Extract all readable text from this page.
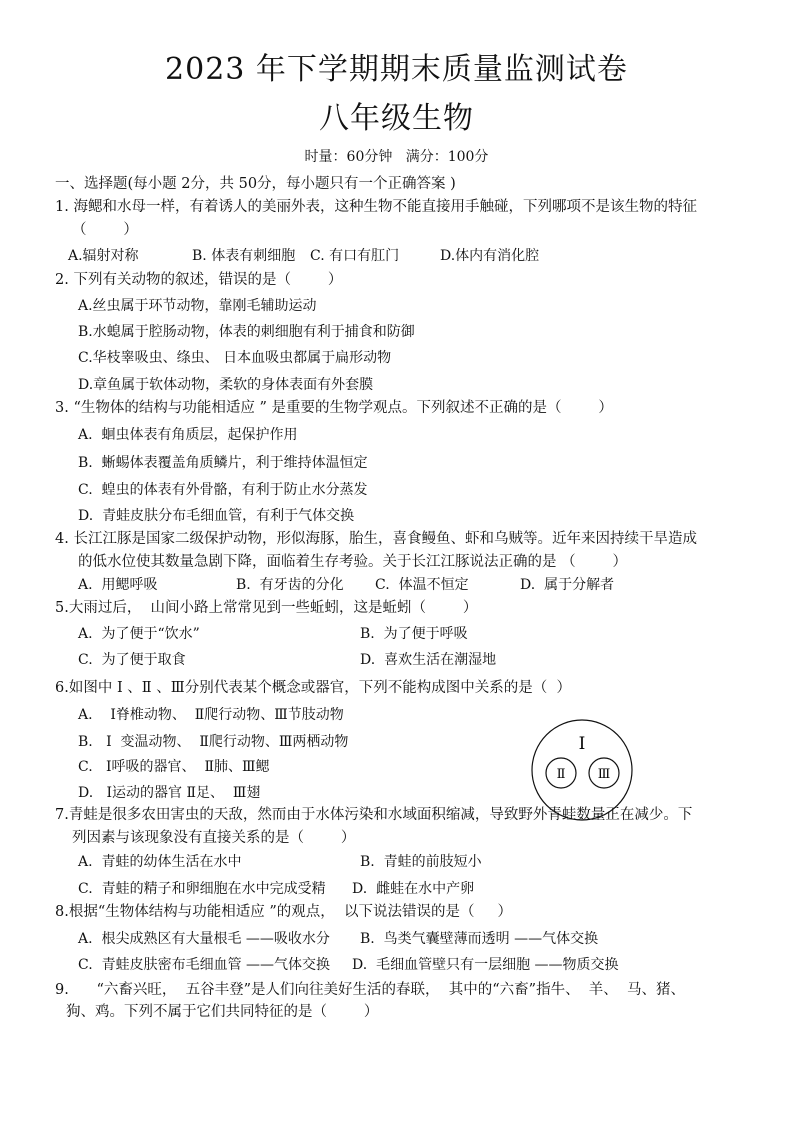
2023 年下学期期末质量监测试卷
八年级生物
时量：60分钟   满分：100分
一、选择题(每小题 2分，共 50分，每小题只有一个正确答案 )
1. 海鳃和水母一样，有着诱人的美丽外表，这种生物不能直接用手触碰，下列哪项不是该生物的特征
（        ）
A.辐射对称	B. 体表有刺细胞 C. 有口有肛门	D.体内有消化腔
2. 下列有关动物的叙述，错误的是（        ）
A.丝虫属于环节动物，靠刚毛辅助运动
B.水螅属于腔肠动物，体表的刺细胞有利于捕食和防御
C.华枝睾吸虫、绦虫、 日本血吸虫都属于扁形动物
D.章鱼属于软体动物，柔软的身体表面有外套膜
3. “生物体的结构与功能相适应 ” 是重要的生物学观点。下列叙述不正确的是（        ）
A.  蛔虫体表有角质层，起保护作用
B.  蜥蜴体表覆盖角质鳞片，利于维持体温恒定
C.  蝗虫的体表有外骨骼，有利于防止水分蒸发
D.  青蛙皮肤分布毛细血管，有利于气体交换
4. 长江江豚是国家二级保护动物，形似海豚，胎生，喜食鳗鱼、虾和乌贼等。近年来因持续干旱造成
的低水位使其数量急剧下降，面临着生存考验。关于长江江豚说法正确的是 （        ）
A.  用鳃呼吸	B.  有牙齿的分化 C.  体温不恒定	D.  属于分解者
5.大雨过后，  山间小路上常常见到一些蚯蚓，这是蚯蚓（        ）
A.  为了便于“饮水”	B.  为了便于呼吸
C.  为了便于取食	D.  喜欢生活在潮湿地
6.如图中 Ⅰ 、Ⅱ 、Ⅲ分别代表某个概念或器官，下列不能构成图中关系的是（  ）
A.    Ⅰ脊椎动物、  Ⅱ爬行动物、Ⅲ节肢动物
B.   Ⅰ  变温动物、  Ⅱ爬行动物、Ⅲ两栖动物
C.   Ⅰ呼吸的器官、  Ⅱ肺、Ⅲ鳃
D.   Ⅰ运动的器官 Ⅱ足、  Ⅲ翅
Ⅰ
Ⅱ Ⅲ
7.青蛙是很多农田害虫的天敌，然而由于水体污染和水域面积缩减，导致野外青蛙数量正在减少。下
列因素与该现象没有直接关系的是（        ）
A.  青蛙的幼体生活在水中	B.  青蛙的前肢短小
C.  青蛙的精子和卵细胞在水中完成受精 D.  雌蛙在水中产卵
8.根据“生物体结构与功能相适应 ”的观点，  以下说法错误的是（     ）
A.  根尖成熟区有大量根毛 ——吸收水分 B.  鸟类气囊壁薄而透明 ——气体交换
C.  青蛙皮肤密布毛细血管 ——气体交换 D.  毛细血管壁只有一层细胞 ——物质交换
9.      “六畜兴旺，  五谷丰登”是人们向往美好生活的春联，  其中的“六畜”指牛、  羊、  马、猪、
狗、鸡。下列不属于它们共同特征的是（        ）
